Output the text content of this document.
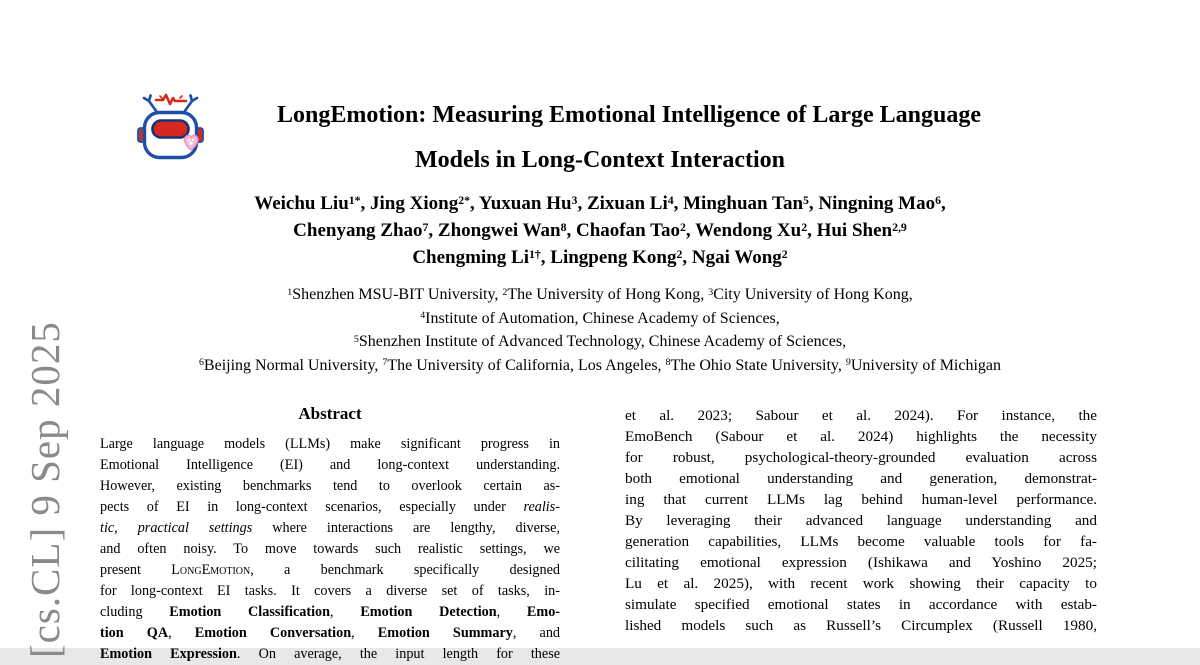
[cs.CL] 9 Sep 2025
LongEmotion: Measuring Emotional Intelligence of Large Language
Models in Long-Context Interaction
Weichu Liu$^{1*}$, Jing Xiong$^{2*}$, Yuxuan Hu$^3$, Zixuan Li$^4$, Minghuan Tan$^5$, Ningning Mao$^6$,
Chenyang Zhao$^7$, Zhongwei Wan$^8$, Chaofan Tao$^2$, Wendong Xu$^2$, Hui Shen$^{2,9}$
Chengming $Li^{1\dagger}$, Lingpeng Kong$^2$, Ngai Wong$^2$
$^1$Shenzhen MSU-BIT University, $^2$The University of Hong Kong, $^3$City University of Hong Kong,
$^4$Institute of Automation, Chinese Academy of Sciences,
$^5$Shenzhen Institute of Advanced Technology, Chinese Academy of Sciences,
$^6$Beijing Normal University, $^7$The University of California, Los Angeles, $^8$The Ohio State University, $^9$University of Michigan
Abstract
Large language models (LLMs) make significant progress in
Emotional Intelligence (EI) and long-context understanding.
However, existing benchmarks tend to overlook certain as-
pects of EI in long-context scenarios, especially under realis-
tic, practical settings where interactions are lengthy, diverse,
and often noisy. To move towards such realistic settings, we
present LongEmotion, a benchmark specifically designed
for long-context EI tasks. It covers a diverse set of tasks, in-
cluding Emotion Classification, Emotion Detection, Emo-
tion QA, Emotion Conversation, Emotion Summary, and
Emotion Expression. On average, the input length for these
et al. 2023; Sabour et al. 2024). For instance, the
EmoBench (Sabour et al. 2024) highlights the necessity
for robust, psychological-theory-grounded evaluation across
both emotional understanding and generation, demonstrat-
ing that current LLMs lag behind human-level performance.
By leveraging their advanced language understanding and
generation capabilities, LLMs become valuable tools for fa-
cilitating emotional expression (Ishikawa and Yoshino 2025;
Lu et al. 2025), with recent work showing their capacity to
simulate specified emotional states in accordance with estab-
lished models such as Russell’s Circumplex (Russell 1980,
